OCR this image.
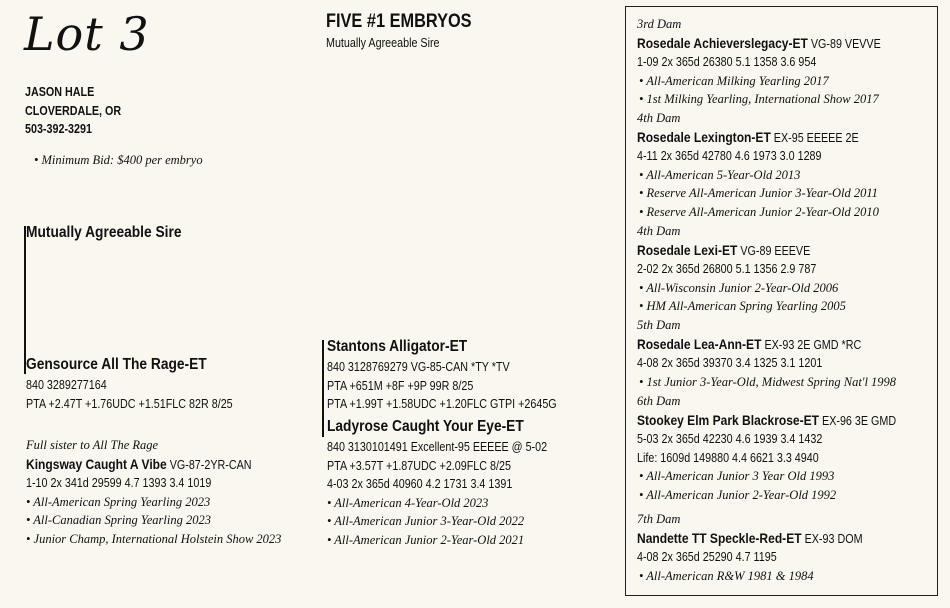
Lot 3
JASON HALE
CLOVERDALE, OR
503-392-3291
• Minimum Bid: $400 per embryo
FIVE #1 EMBRYOS
Mutually Agreeable Sire
Mutually Agreeable Sire
Gensource All The Rage-ET
840 3289277164
PTA +2.47T +1.76UDC +1.51FLC 82R 8/25
Full sister to All The Rage
Kingsway Caught A Vibe VG-87-2YR-CAN
1-10 2x 341d 29599 4.7 1393 3.4 1019
• All-American Spring Yearling 2023
• All-Canadian Spring Yearling 2023
• Junior Champ, International Holstein Show 2023
Stantons Alligator-ET
840 3128769279 VG-85-CAN *TY *TV
PTA +651M +8F +9P 99R 8/25
PTA +1.99T +1.58UDC +1.20FLC GTPI +2645G
Ladyrose Caught Your Eye-ET
840 3130101491 Excellent-95 EEEEE @ 5-02
PTA +3.57T +1.87UDC +2.09FLC 8/25
4-03 2x 365d 40960 4.2 1731 3.4 1391
• All-American 4-Year-Old 2023
• All-American Junior 3-Year-Old 2022
• All-American Junior 2-Year-Old 2021
3rd Dam
Rosedale Achieverslegacy-ET VG-89 VEVVE
1-09 2x 365d 26380 5.1 1358 3.6 954
• All-American Milking Yearling 2017
• 1st Milking Yearling, International Show 2017
4th Dam
Rosedale Lexington-ET EX-95 EEEEE 2E
4-11 2x 365d 42780 4.6 1973 3.0 1289
• All-American 5-Year-Old 2013
• Reserve All-American Junior 3-Year-Old 2011
• Reserve All-American Junior 2-Year-Old 2010
4th Dam
Rosedale Lexi-ET VG-89 EEEVE
2-02 2x 365d 26800 5.1 1356 2.9 787
• All-Wisconsin Junior 2-Year-Old 2006
• HM All-American Spring Yearling 2005
5th Dam
Rosedale Lea-Ann-ET EX-93 2E GMD *RC
4-08 2x 365d 39370 3.4 1325 3.1 1201
• 1st Junior 3-Year-Old, Midwest Spring Nat'l 1998
6th Dam
Stookey Elm Park Blackrose-ET EX-96 3E GMD
5-03 2x 365d 42230 4.6 1939 3.4 1432
Life: 1609d 149880 4.4 6621 3.3 4940
• All-American Junior 3 Year Old 1993
• All-American Junior 2-Year-Old 1992
7th Dam
Nandette TT Speckle-Red-ET EX-93 DOM
4-08 2x 365d 25290 4.7 1195
• All-American R&W 1981 & 1984
